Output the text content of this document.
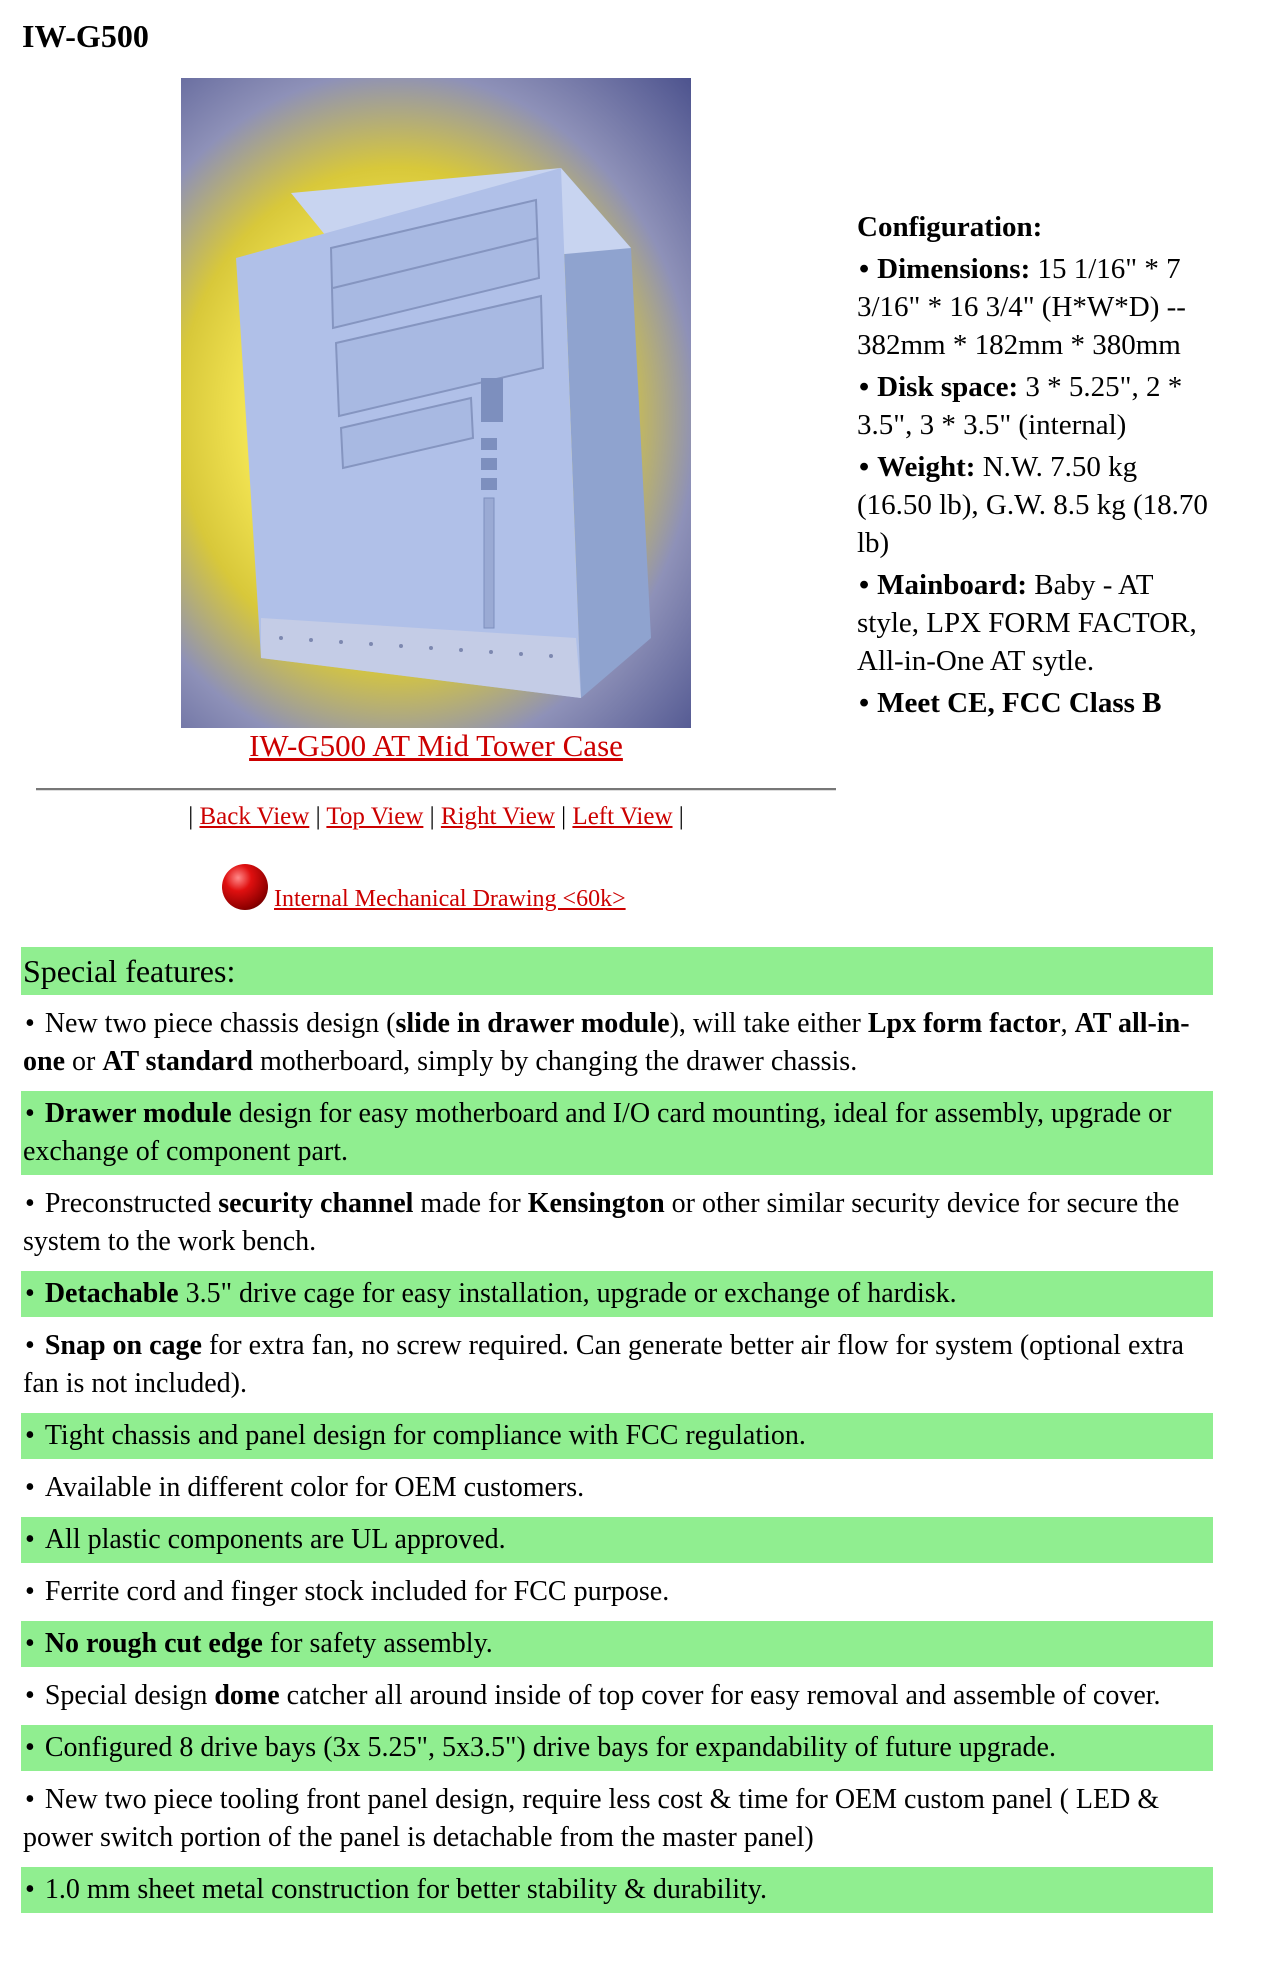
IW-G500
IW-G500 AT Mid Tower Case
| Back View | Top View | Right View | Left View |
Internal Mechanical Drawing <60k>
Configuration:
• Dimensions: 15 1/16" * 7 3/16" * 16 3/4" (H*W*D) -- 382mm * 182mm * 380mm
• Disk space: 3 * 5.25", 2 * 3.5", 3 * 3.5" (internal)
• Weight: N.W. 7.50 kg (16.50 lb), G.W. 8.5 kg (18.70 lb)
• Mainboard: Baby - AT style, LPX FORM FACTOR, All-in-One AT sytle.
• Meet CE, FCC Class B
Special features:
• New two piece chassis design (slide in drawer module), will take either Lpx form factor, AT all-in-one or AT standard motherboard, simply by changing the drawer chassis.
• Drawer module design for easy motherboard and I/O card mounting, ideal for assembly, upgrade or exchange of component part.
• Preconstructed security channel made for Kensington or other similar security device for secure the system to the work bench.
• Detachable 3.5" drive cage for easy installation, upgrade or exchange of hardisk.
• Snap on cage for extra fan, no screw required. Can generate better air flow for system (optional extra fan is not included).
• Tight chassis and panel design for compliance with FCC regulation.
• Available in different color for OEM customers.
• All plastic components are UL approved.
• Ferrite cord and finger stock included for FCC purpose.
• No rough cut edge for safety assembly.
• Special design dome catcher all around inside of top cover for easy removal and assemble of cover.
• Configured 8 drive bays (3x 5.25", 5x3.5") drive bays for expandability of future upgrade.
• New two piece tooling front panel design, require less cost & time for OEM custom panel ( LED & power switch portion of the panel is detachable from the master panel)
• 1.0 mm sheet metal construction for better stability & durability.
